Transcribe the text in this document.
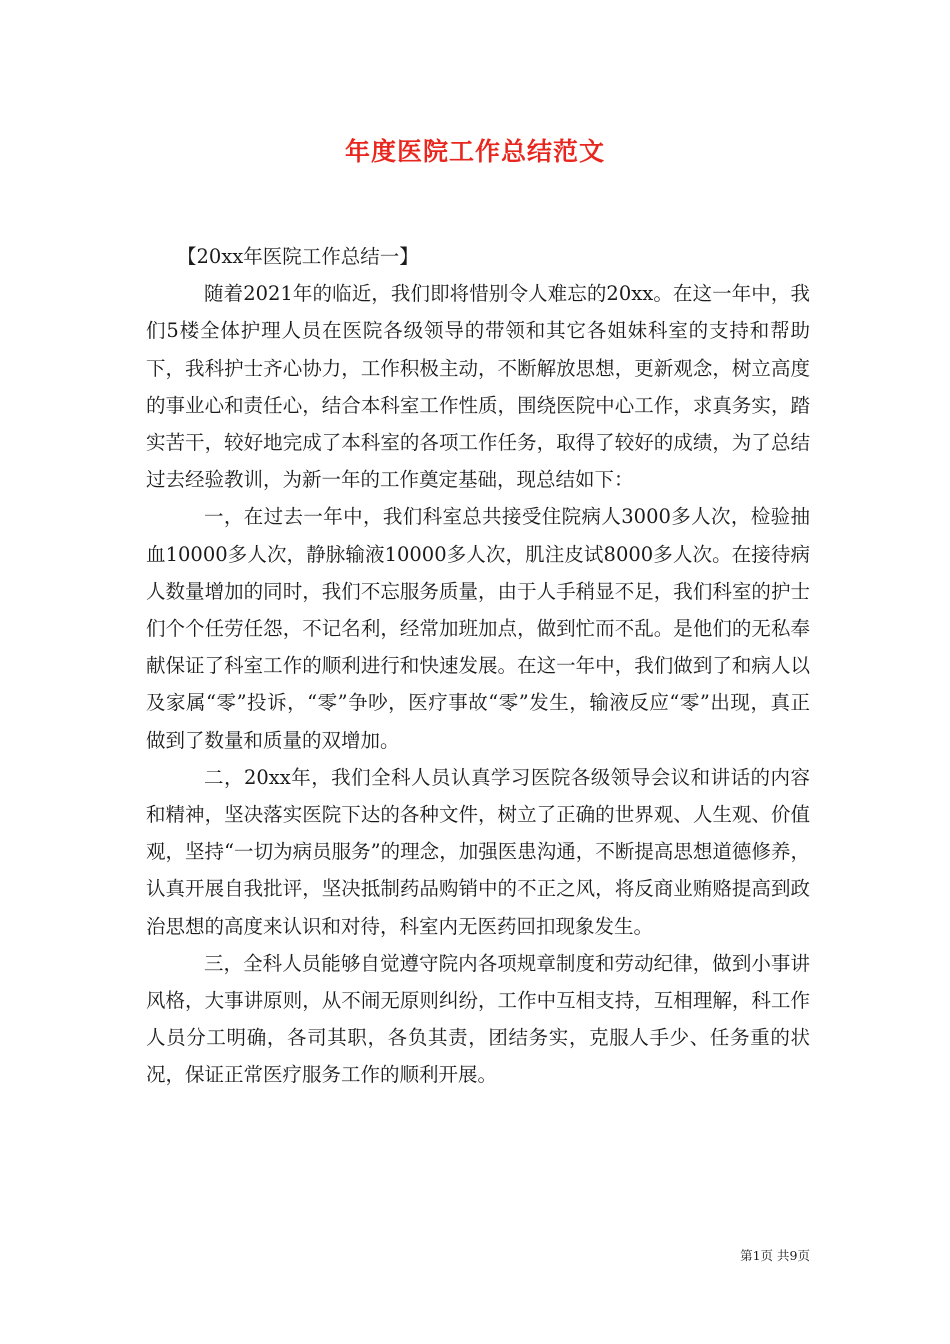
年度医院工作总结范文

【20xx年医院工作总结一】

随着2021年的临近，我们即将惜别令人难忘的20xx。在这一年中，我们5楼全体护理人员在医院各级领导的带领和其它各姐妹科室的支持和帮助下，我科护士齐心协力，工作积极主动，不断解放思想，更新观念，树立高度的事业心和责任心，结合本科室工作性质，围绕医院中心工作，求真务实，踏实苦干，较好地完成了本科室的各项工作任务，取得了较好的成绩，为了总结过去经验教训，为新一年的工作奠定基础，现总结如下：

一，在过去一年中，我们科室总共接受住院病人3000多人次，检验抽血10000多人次，静脉输液10000多人次，肌注皮试8000多人次。在接待病人数量增加的同时，我们不忘服务质量，由于人手稍显不足，我们科室的护士们个个任劳任怨，不记名利，经常加班加点，做到忙而不乱。是他们的无私奉献保证了科室工作的顺利进行和快速发展。在这一年中，我们做到了和病人以及家属“零”投诉，“零”争吵，医疗事故“零”发生，输液反应“零”出现，真正做到了数量和质量的双增加。

二，20xx年，我们全科人员认真学习医院各级领导会议和讲话的内容和精神，坚决落实医院下达的各种文件，树立了正确的世界观、人生观、价值观，坚持“一切为病员服务”的理念，加强医患沟通，不断提高思想道德修养，认真开展自我批评，坚决抵制药品购销中的不正之风，将反商业贿赂提高到政治思想的高度来认识和对待，科室内无医药回扣现象发生。

三，全科人员能够自觉遵守院内各项规章制度和劳动纪律，做到小事讲风格，大事讲原则，从不闹无原则纠纷，工作中互相支持，互相理解，科工作人员分工明确，各司其职，各负其责，团结务实，克服人手少、任务重的状况，保证正常医疗服务工作的顺利开展。

第1页 共9页
